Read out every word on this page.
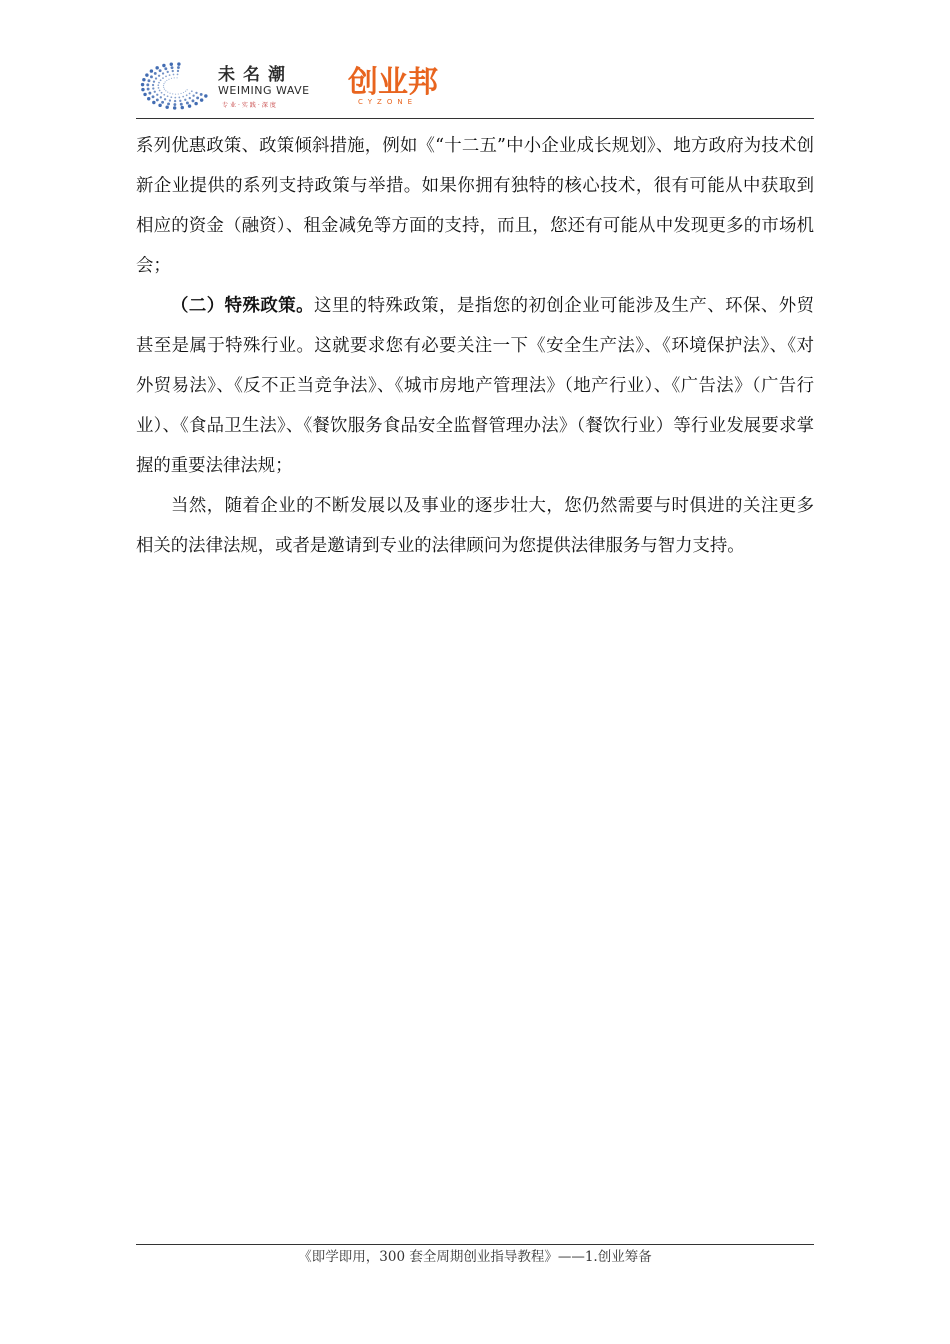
未名潮
WEIMING WAVE
专业·实践·深度
创业邦
CYZONE

系列优惠政策、政策倾斜措施，例如《“十二五”中小企业成长规划》、地方政府为技术创新企业提供的系列支持政策与举措。如果你拥有独特的核心技术，很有可能从中获取到相应的资金（融资）、租金减免等方面的支持，而且，您还有可能从中发现更多的市场机会；

（二）特殊政策。这里的特殊政策，是指您的初创企业可能涉及生产、环保、外贸甚至是属于特殊行业。这就要求您有必要关注一下《安全生产法》、《环境保护法》、《对外贸易法》、《反不正当竞争法》、《城市房地产管理法》（地产行业）、《广告法》（广告行业）、《食品卫生法》、《餐饮服务食品安全监督管理办法》（餐饮行业）等行业发展要求掌握的重要法律法规；

当然，随着企业的不断发展以及事业的逐步壮大，您仍然需要与时俱进的关注更多相关的法律法规，或者是邀请到专业的法律顾问为您提供法律服务与智力支持。

《即学即用，300 套全周期创业指导教程》——1.创业筹备
